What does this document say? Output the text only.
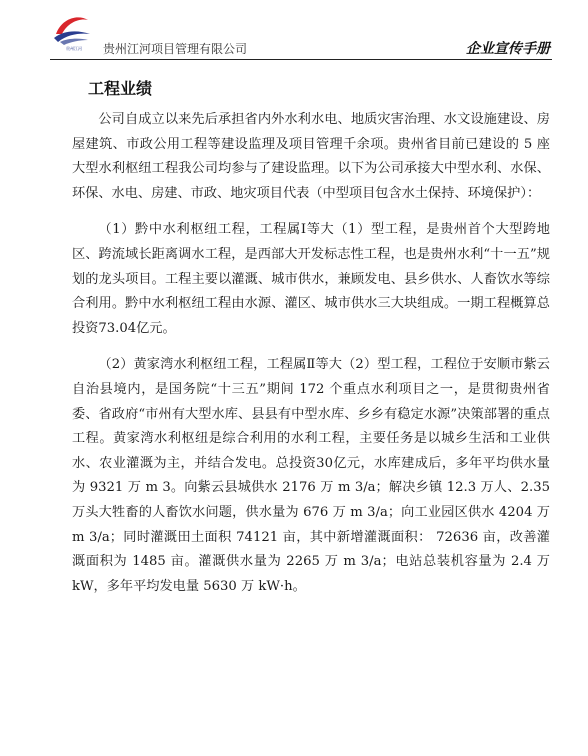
贵州江河	贵州江河项目管理有限公司	企业宣传手册
工程业绩

公司自成立以来先后承担省内外水利水电、地质灾害治理、水文设施建设、房屋建筑、市政公用工程等建设监理及项目管理千余项。贵州省目前已建设的 5 座大型水利枢纽工程我公司均参与了建设监理。以下为公司承接大中型水利、水保、环保、水电、房建、市政、地灾项目代表（中型项目包含水土保持、环境保护）：

（1）黔中水利枢纽工程，工程属Ⅰ等大（1）型工程，是贵州首个大型跨地区、跨流域长距离调水工程，是西部大开发标志性工程，也是贵州水利“十一五”规划的龙头项目。工程主要以灌溉、城市供水，兼顾发电、县乡供水、人畜饮水等综合利用。黔中水利枢纽工程由水源、灌区、城市供水三大块组成。一期工程概算总投资73.04亿元。

（2）黄家湾水利枢纽工程，工程属Ⅱ等大（2）型工程，工程位于安顺市紫云自治县境内，是国务院“十三五”期间 172 个重点水利项目之一，是贯彻贵州省委、省政府“市州有大型水库、县县有中型水库、乡乡有稳定水源”决策部署的重点工程。黄家湾水利枢纽是综合利用的水利工程，主要任务是以城乡生活和工业供水、农业灌溉为主，并结合发电。总投资30亿元，水库建成后，多年平均供水量为 9321 万 m 3。向紫云县城供水 2176 万 m 3/a；解决乡镇 12.3 万人、2.35 万头大牲畜的人畜饮水问题，供水量为 676 万 m 3/a；向工业园区供水 4204 万 m 3/a；同时灌溉田土面积 74121 亩，其中新增灌溉面积： 72636 亩，改善灌溉面积为 1485 亩。灌溉供水量为 2265 万 m 3/a；电站总装机容量为 2.4 万 kW，多年平均发电量 5630 万 kW·h。
